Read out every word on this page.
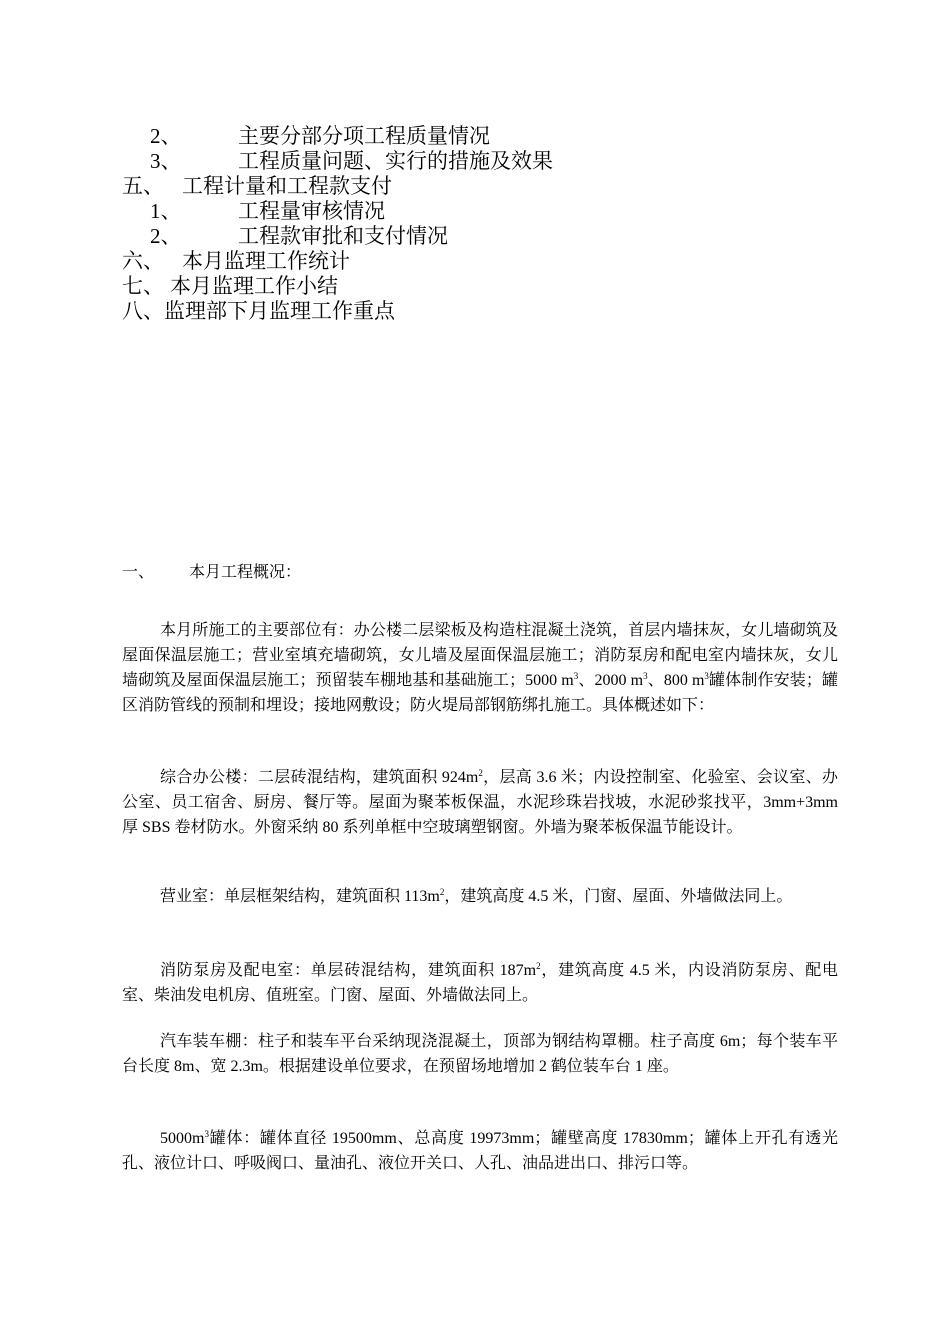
2、	主要分部分项工程质量情况
3、	工程质量问题、实行的措施及效果
五、 工程计量和工程款支付
1、	工程量审核情况
2、	工程款审批和支付情况
六、 本月监理工作统计
七、 本月监理工作小结
八、监理部下月监理工作重点
一、 本月工程概况：

本月所施工的主要部位有：办公楼二层梁板及构造柱混凝土浇筑，首层内墙抹灰，女儿墙砌筑及屋面保温层施工；营业室填充墙砌筑，女儿墙及屋面保温层施工；消防泵房和配电室内墙抹灰，女儿墙砌筑及屋面保温层施工；预留装车棚地基和基础施工；5000 $m^3$、2000 $m^3$、800 $m^3$罐体制作安装；罐区消防管线的预制和埋设；接地网敷设；防火堤局部钢筋绑扎施工。具体概述如下：

综合办公楼：二层砖混结构，建筑面积 $924m^2$，层高 3.6 米；内设控制室、化验室、会议室、办公室、员工宿舍、厨房、餐厅等。屋面为聚苯板保温，水泥珍珠岩找坡，水泥砂浆找平，3mm+3mm 厚 SBS 卷材防水。外窗采纳 80 系列单框中空玻璃塑钢窗。外墙为聚苯板保温节能设计。

营业室：单层框架结构，建筑面积 $113m^2$，建筑高度 4.5 米，门窗、屋面、外墙做法同上。

消防泵房及配电室：单层砖混结构，建筑面积 $187m^2$，建筑高度 4.5 米，内设消防泵房、配电室、柴油发电机房、值班室。门窗、屋面、外墙做法同上。

汽车装车棚：柱子和装车平台采纳现浇混凝土，顶部为钢结构罩棚。柱子高度 6m；每个装车平台长度 8m、宽 2.3m。根据建设单位要求，在预留场地增加 2 鹤位装车台 1 座。

$5000m^3$罐体：罐体直径 19500mm、总高度 19973mm；罐壁高度 17830mm；罐体上开孔有透光孔、液位计口、呼吸阀口、量油孔、液位开关口、人孔、油品进出口、排污口等。
